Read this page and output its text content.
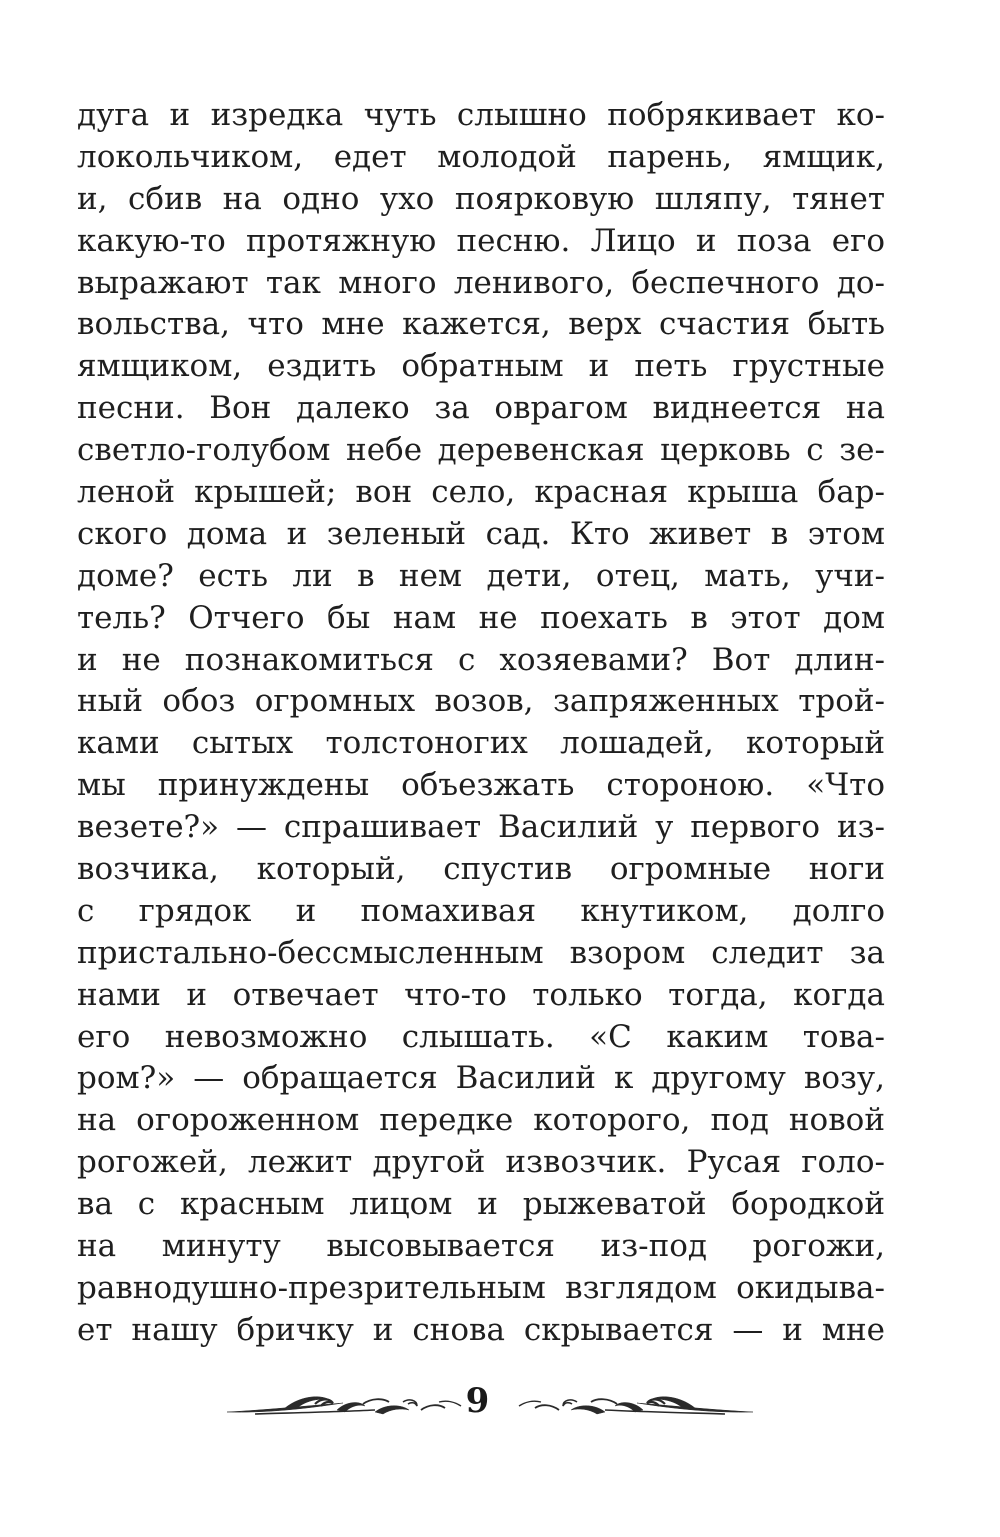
дуга и изредка чуть слышно побрякивает ко-
локольчиком, едет молодой парень, ямщик,
и, сбив на одно ухо поярковую шляпу, тянет
какую-то протяжную песню. Лицо и поза его
выражают так много ленивого, беспечного до-
вольства, что мне кажется, верх счастия быть
ямщиком, ездить обратным и петь грустные
песни. Вон далеко за оврагом виднеется на
светло-голубом небе деревенская церковь с зе-
леной крышей; вон село, красная крыша бар-
ского дома и зеленый сад. Кто живет в этом
доме? есть ли в нем дети, отец, мать, учи-
тель? Отчего бы нам не поехать в этот дом
и не познакомиться с хозяевами? Вот длин-
ный обоз огромных возов, запряженных трой-
ками сытых толстоногих лошадей, который
мы принуждены объезжать стороною. «Что
везете?» — спрашивает Василий у первого из-
возчика, который, спустив огромные ноги
с грядок и помахивая кнутиком, долго
пристально-бессмысленным взором следит за
нами и отвечает что-то только тогда, когда
его невозможно слышать. «С каким това-
ром?» — обращается Василий к другому возу,
на огороженном передке которого, под новой
рогожей, лежит другой извозчик. Русая голо-
ва с красным лицом и рыжеватой бородкой
на минуту высовывается из-под рогожи,
равнодушно-презрительным взглядом окидыва-
ет нашу бричку и снова скрывается — и мне
9
